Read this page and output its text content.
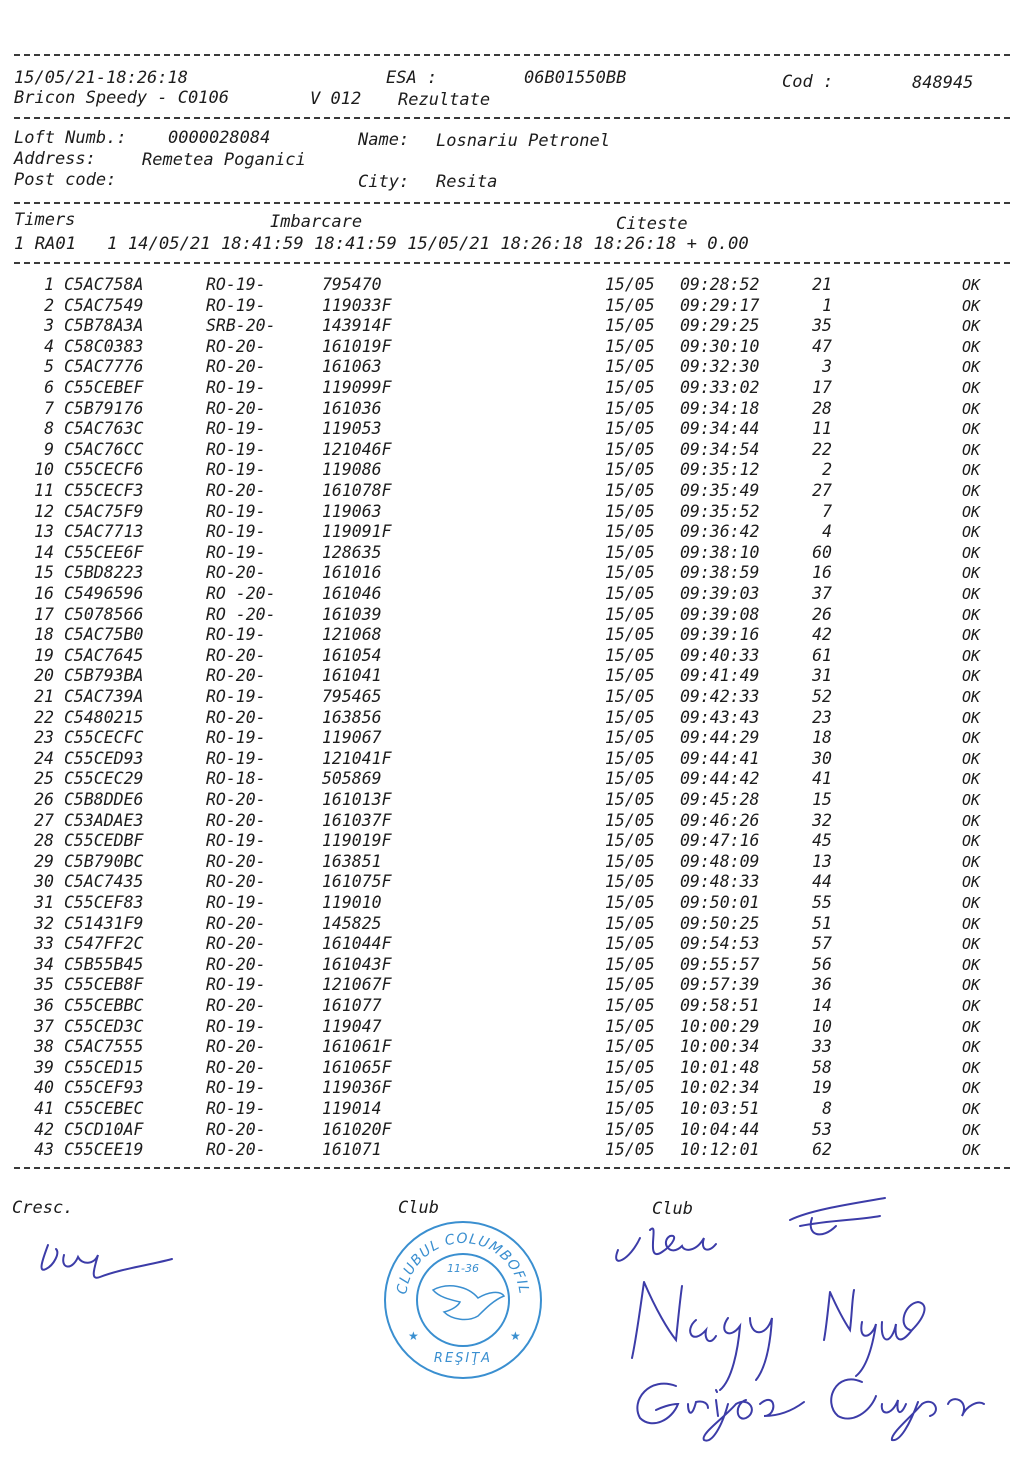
15/05/21-18:26:18	ESA :	06B01550BB	Cod :	848945
Bricon Speedy - C0106	V 012 Rezultate
Loft Numb.: 0000028084	Name: Losnariu Petronel
Address:	Remetea Poganici
Post code:	City: Resita
Timers	Imbarcare	Citeste
1 RA01   1 14/05/21 18:41:59 18:41:59 15/05/21 18:26:18 18:26:18 + 0.00
1 C5AC758A	RO-19-	795470	15/05 09:28:52	21	OK
2 C5AC7549	RO-19-	119033F	15/05 09:29:17	1	OK
3 C5B78A3A	SRB-20-	143914F	15/05 09:29:25	35	OK
4 C58C0383	RO-20-	161019F	15/05 09:30:10	47	OK
5 C5AC7776	RO-20-	161063	15/05 09:32:30	3	OK
6 C55CEBEF	RO-19-	119099F	15/05 09:33:02	17	OK
7 C5B79176	RO-20-	161036	15/05 09:34:18	28	OK
8 C5AC763C	RO-19-	119053	15/05 09:34:44	11	OK
9 C5AC76CC	RO-19-	121046F	15/05 09:34:54	22	OK
10 C55CECF6	RO-19-	119086	15/05 09:35:12	2	OK
11 C55CECF3	RO-20-	161078F	15/05 09:35:49	27	OK
12 C5AC75F9	RO-19-	119063	15/05 09:35:52	7	OK
13 C5AC7713	RO-19-	119091F	15/05 09:36:42	4	OK
14 C55CEE6F	RO-19-	128635	15/05 09:38:10	60	OK
15 C5BD8223	RO-20-	161016	15/05 09:38:59	16	OK
16 C5496596	RO -20-	161046	15/05 09:39:03	37	OK
17 C5078566	RO -20-	161039	15/05 09:39:08	26	OK
18 C5AC75B0	RO-19-	121068	15/05 09:39:16	42	OK
19 C5AC7645	RO-20-	161054	15/05 09:40:33	61	OK
20 C5B793BA	RO-20-	161041	15/05 09:41:49	31	OK
21 C5AC739A	RO-19-	795465	15/05 09:42:33	52	OK
22 C5480215	RO-20-	163856	15/05 09:43:43	23	OK
23 C55CECFC	RO-19-	119067	15/05 09:44:29	18	OK
24 C55CED93	RO-19-	121041F	15/05 09:44:41	30	OK
25 C55CEC29	RO-18-	505869	15/05 09:44:42	41	OK
26 C5B8DDE6	RO-20-	161013F	15/05 09:45:28	15	OK
27 C53ADAE3	RO-20-	161037F	15/05 09:46:26	32	OK
28 C55CEDBF	RO-19-	119019F	15/05 09:47:16	45	OK
29 C5B790BC	RO-20-	163851	15/05 09:48:09	13	OK
30 C5AC7435	RO-20-	161075F	15/05 09:48:33	44	OK
31 C55CEF83	RO-19-	119010	15/05 09:50:01	55	OK
32 C51431F9	RO-20-	145825	15/05 09:50:25	51	OK
33 C547FF2C	RO-20-	161044F	15/05 09:54:53	57	OK
34 C5B55B45	RO-20-	161043F	15/05 09:55:57	56	OK
35 C55CEB8F	RO-19-	121067F	15/05 09:57:39	36	OK
36 C55CEBBC	RO-20-	161077	15/05 09:58:51	14	OK
37 C55CED3C	RO-19-	119047	15/05 10:00:29	10	OK
38 C5AC7555	RO-20-	161061F	15/05 10:00:34	33	OK
39 C55CED15	RO-20-	161065F	15/05 10:01:48	58	OK
40 C55CEF93	RO-19-	119036F	15/05 10:02:34	19	OK
41 C55CEBEC	RO-19-	119014	15/05 10:03:51	8	OK
42 C5CD10AF	RO-20-	161020F	15/05 10:04:44	53	OK
43 C55CEE19	RO-20-	161071	15/05 10:12:01	62	OK
Cresc.	Club	Club
CLUBUL COLUMBOFIL
11-36
REŞIŢA
★	★
